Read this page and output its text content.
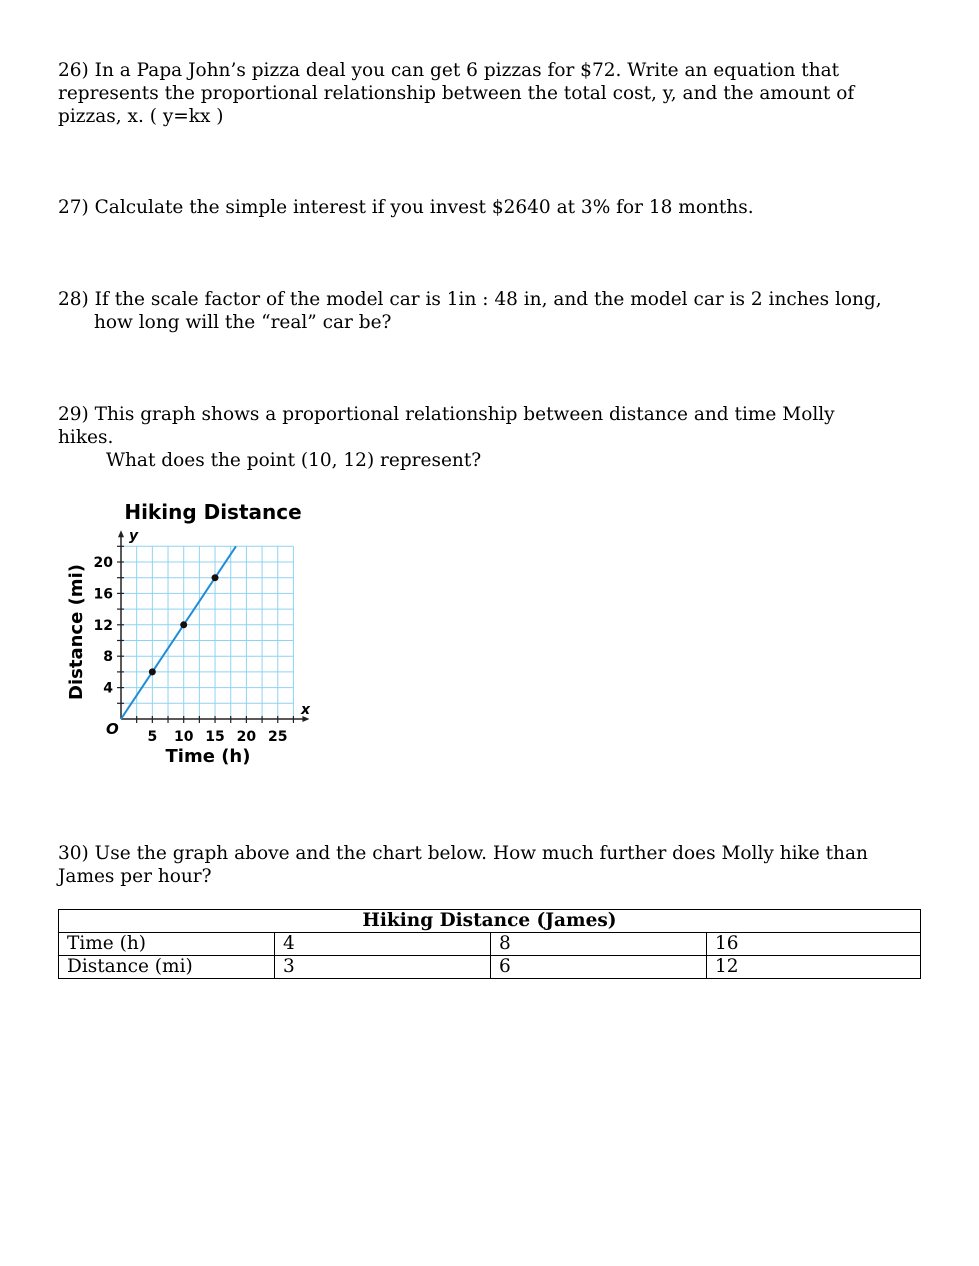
26) In a Papa John’s pizza deal you can get 6 pizzas for $72. Write an equation that represents the proportional relationship between the total cost, y, and the amount of pizzas, x. ( y=kx )
27) Calculate the simple interest if you invest $2640 at 3% for 18 months.
28) If the scale factor of the model car is 1in : 48 in, and the model car is 2 inches long,
how long will the “real” car be?
29) This graph shows a proportional relationship between distance and time Molly hikes.
What does the point (10, 12) represent?
Hiking Distance
Time (h)
Distance (mi)
x
y
O 5 10 15 20 25
4
8
12
16
20
30) Use the graph above and the chart below. How much further does Molly hike than James per hour?
Hiking Distance (James)			
Time (h)	4	8	16
Distance (mi)	3	6	12
